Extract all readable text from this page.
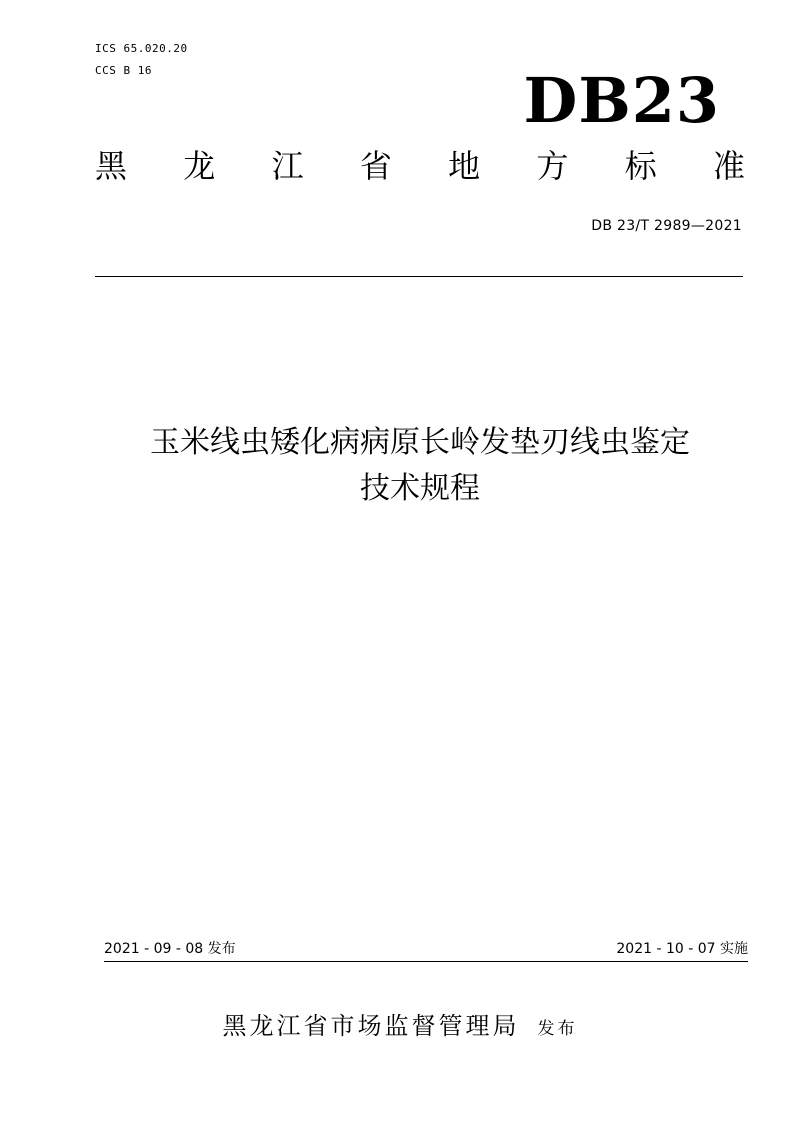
ICS 65.020.20
CCS B 16	DB23
黑 龙 江 省 地 方 标 准
DB 23/T 2989—2021
玉米线虫矮化病病原长岭发垫刃线虫鉴定
技术规程
2021 - 09 - 08 发布	2021 - 10 - 07 实施
黑龙江省市场监督管理局 发布
